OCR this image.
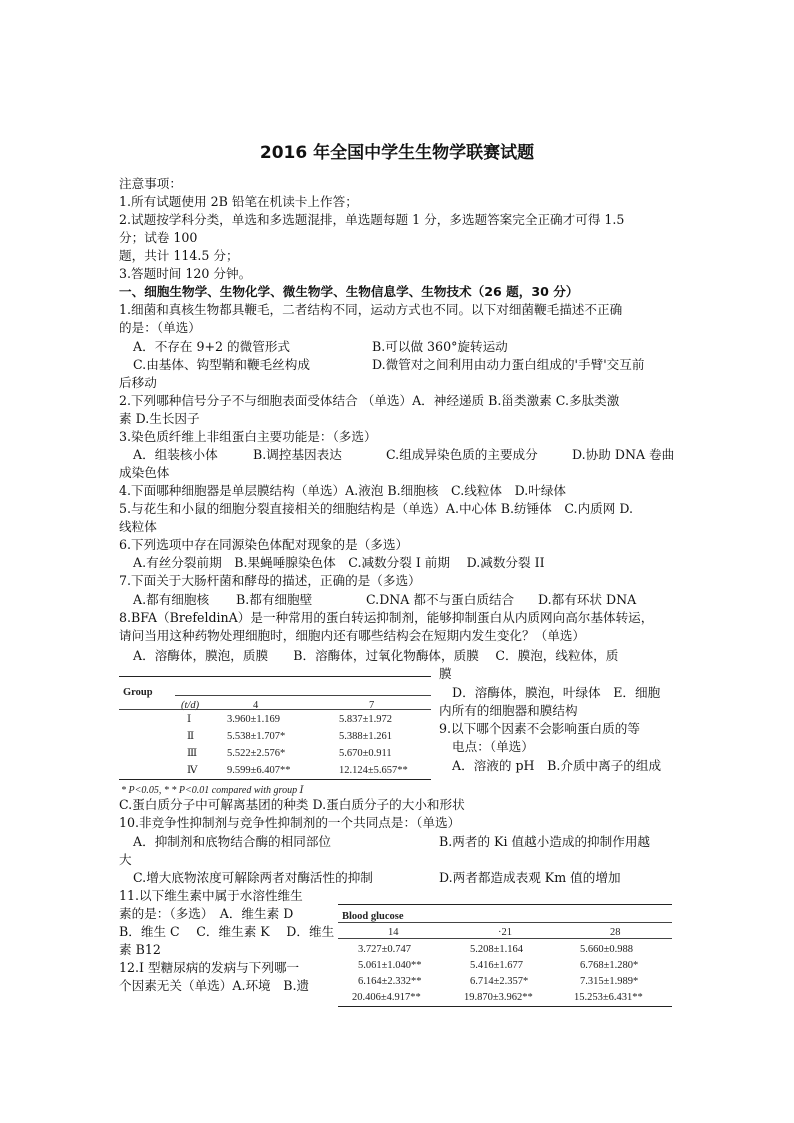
2016 年全国中学生生物学联赛试题
注意事项：
1.所有试题使用 2B 铅笔在机读卡上作答；
2.试题按学科分类，单选和多选题混排，单选题每题 1 分，多选题答案完全正确才可得 1.5
分；试卷 100
题，共计 114.5 分；
3.答题时间 120 分钟。
一、细胞生物学、生物化学、微生物学、生物信息学、生物技术（26 题，30 分）
1.细菌和真核生物都具鞭毛，二者结构不同，运动方式也不同。以下对细菌鞭毛描述不正确
的是：（单选）
A．不存在 9+2 的微管形式	B.可以做 360°旋转运动
C.由基体、钩型鞘和鞭毛丝构成	D.微管对之间利用由动力蛋白组成的'手臂'交互前
后移动
2.下列哪种信号分子不与细胞表面受体结合 （单选）A．神经递质 B.甾类激素 C.多肽类激
素 D.生长因子
3.染色质纤维上非组蛋白主要功能是：（多选）
A．组装核小体	B.调控基因表达	C.组成异染色质的主要成分	D.协助 DNA 卷曲
成染色体
4.下面哪种细胞器是单层膜结构（单选）A.液泡 B.细胞核　C.线粒体　D.叶绿体
5.与花生和小鼠的细胞分裂直接相关的细胞结构是（单选）A.中心体 B.纺锤体　C.内质网 D.
线粒体
6.下列选项中存在同源染色体配对现象的是（多选）
A.有丝分裂前期　B.果蝇唾腺染色体　C.减数分裂 I 前期　 D.减数分裂 II
7.下面关于大肠杆菌和酵母的描述，正确的是（多选）
A.都有细胞核 B.都有细胞壁	C.DNA 都不与蛋白质结合 D.都有环状 DNA
8.BFA（BrefeldinA）是一种常用的蛋白转运抑制剂，能够抑制蛋白从内质网向高尔基体转运，
请问当用这种药物处理细胞时，细胞内还有哪些结构会在短期内发生变化？（单选）
A．溶酶体，膜泡，质膜　　B．溶酶体，过氧化物酶体，质膜　 C．膜泡，线粒体，质
膜
D．溶酶体，膜泡，叶绿体　E．细胞
内所有的细胞器和膜结构
9.以下哪个因素不会影响蛋白质的等
电点：（单选）
A．溶液的 pH　B.介质中离子的组成
C.蛋白质分子中可解离基团的种类 D.蛋白质分子的大小和形状
10.非竞争性抑制剂与竞争性抑制剂的一个共同点是：（单选）
A．抑制剂和底物结合酶的相同部位	B.两者的 Ki 值越小造成的抑制作用越
大
C.增大底物浓度可解除两者对酶活性的抑制	D.两者都造成表观 Km 值的增加
11.以下维生素中属于水溶性维生
素的是：（多选）　A．维生素 D
B．维生 C　 C．维生素 K　 D．维生
素 B12
12.I 型糖尿病的发病与下列哪一
个因素无关（单选）A.环境　B.遗
Group
(t/d)	4	7
Ⅰ	3.960±1.169	5.837±1.972
Ⅱ	5.538±1.707*	5.388±1.261
Ⅲ	5.522±2.576*	5.670±0.911
Ⅳ	9.599±6.407**	12.124±5.657**
* P<0.05, * * P<0.01 compared with group Ⅰ
Blood glucose
14	·21	28
3.727±0.747	5.208±1.164	5.660±0.988
5.061±1.040**	5.416±1.677	6.768±1.280*
6.164±2.332**	6.714±2.357*	7.315±1.989*
20.406±4.917**	19.870±3.962**	15.253±6.431**
